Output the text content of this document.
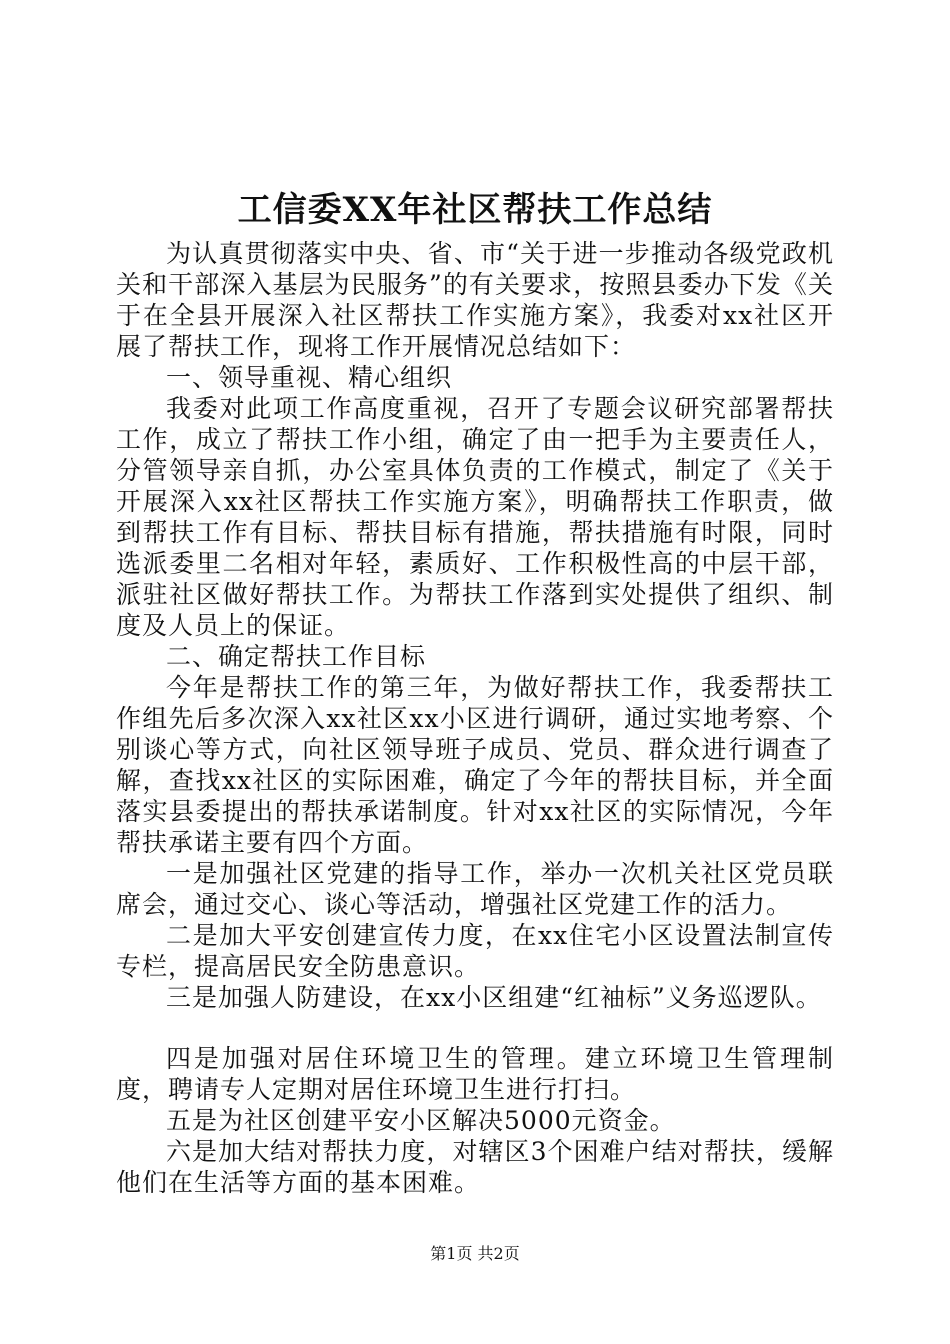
工信委XX年社区帮扶工作总结

为认真贯彻落实中央、省、市“关于进一步推动各级党政机关和干部深入基层为民服务”的有关要求，按照县委办下发《关于在全县开展深入社区帮扶工作实施方案》，我委对xx社区开展了帮扶工作，现将工作开展情况总结如下：

一、领导重视、精心组织

我委对此项工作高度重视，召开了专题会议研究部署帮扶工作，成立了帮扶工作小组，确定了由一把手为主要责任人，分管领导亲自抓，办公室具体负责的工作模式，制定了《关于开展深入xx社区帮扶工作实施方案》，明确帮扶工作职责，做到帮扶工作有目标、帮扶目标有措施，帮扶措施有时限，同时选派委里二名相对年轻，素质好、工作积极性高的中层干部，派驻社区做好帮扶工作。为帮扶工作落到实处提供了组织、制度及人员上的保证。

二、确定帮扶工作目标

今年是帮扶工作的第三年，为做好帮扶工作，我委帮扶工作组先后多次深入xx社区xx小区进行调研，通过实地考察、个别谈心等方式，向社区领导班子成员、党员、群众进行调查了解，查找xx社区的实际困难，确定了今年的帮扶目标，并全面落实县委提出的帮扶承诺制度。针对xx社区的实际情况，今年帮扶承诺主要有四个方面。

一是加强社区党建的指导工作，举办一次机关社区党员联席会，通过交心、谈心等活动，增强社区党建工作的活力。

二是加大平安创建宣传力度，在xx住宅小区设置法制宣传专栏，提高居民安全防患意识。

三是加强人防建设，在xx小区组建“红袖标”义务巡逻队。

四是加强对居住环境卫生的管理。建立环境卫生管理制度，聘请专人定期对居住环境卫生进行打扫。

五是为社区创建平安小区解决5000元资金。

六是加大结对帮扶力度，对辖区3个困难户结对帮扶，缓解他们在生活等方面的基本困难。

第1页 共2页
